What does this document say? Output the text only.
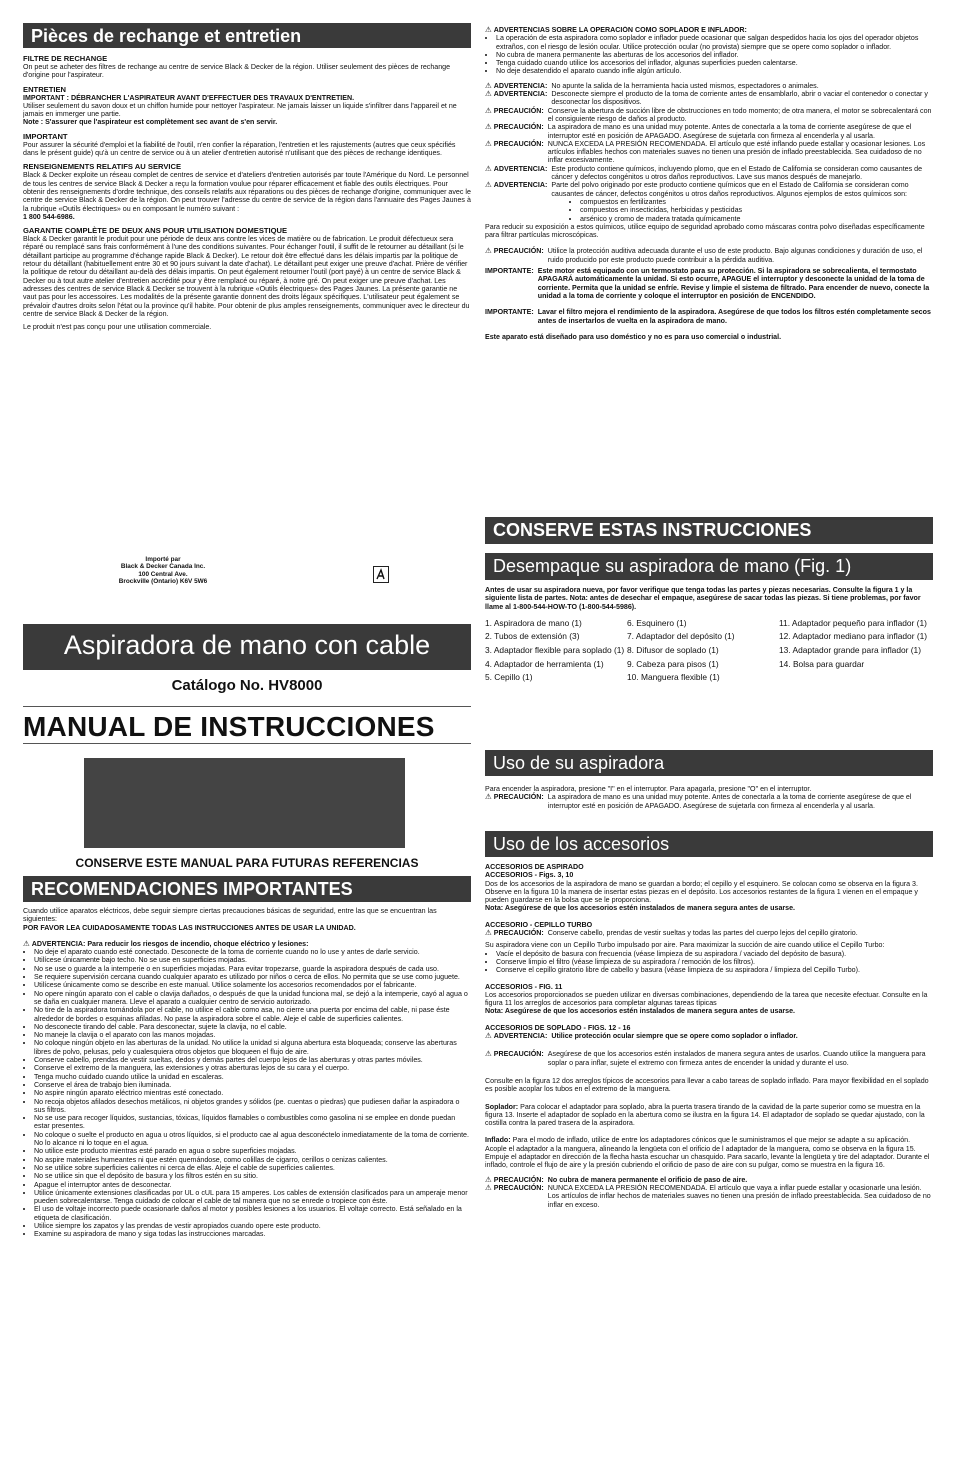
Pièces de rechange et entretien

FILTRE DE RECHANGE

On peut se acheter des filtres de rechange au centre de service Black & Decker de la région. Utiliser seulement des pièces de rechange d'origine pour l'aspirateur.

ENTRETIEN

IMPORTANT : DÉBRANCHER L'ASPIRATEUR AVANT D'EFFECTUER DES TRAVAUX D'ENTRETIEN.

Utiliser seulement du savon doux et un chiffon humide pour nettoyer l'aspirateur. Ne jamais laisser un liquide s'infiltrer dans l'appareil et ne jamais en immerger une partie.

Note : S'assurer que l'aspirateur est complètement sec avant de s'en servir.

IMPORTANT

Pour assurer la sécurité d'emploi et la fiabilité de l'outil, n'en confier la réparation, l'entretien et les rajustements (autres que ceux spécifiés dans le présent guide) qu'à un centre de service ou à un atelier d'entretien autorisé n'utilisant que des pièces de rechange identiques.

RENSEIGNEMENTS RELATIFS AU SERVICE

Black & Decker exploite un réseau complet de centres de service et d'ateliers d'entretien autorisés par toute l'Amérique du Nord. Le personnel de tous les centres de service Black & Decker a reçu la formation voulue pour réparer efficacement et fiable des outils électriques. Pour obtenir des renseignements d'ordre technique, des conseils relatifs aux réparations ou des pièces de rechange d'origine, communiquer avec le centre de service Black & Decker de la région. On peut trouver l'adresse du centre de service de la région dans l'annuaire des Pages Jaunes à la rubrique «Outils électriques» ou en composant le numéro suivant :

1 800 544-6986.

GARANTIE COMPLÈTE DE DEUX ANS POUR UTILISATION DOMESTIQUE

Black & Decker garantit le produit pour une période de deux ans contre les vices de matière ou de fabrication. Le produit défectueux sera réparé ou remplacé sans frais conformément à l'une des conditions suivantes. Pour échanger l'outil, il suffit de le retourner au détaillant (si le détaillant participe au programme d'échange rapide Black & Decker). Le retour doit être effectué dans les délais impartis par la politique de retour du détaillant (habituellement entre 30 et 90 jours suivant la date d'achat). Le détaillant peut exiger une preuve d'achat. Prière de vérifier la politique de retour du détaillant au-delà des délais impartis. On peut également retourner l'outil (port payé) à un centre de service Black & Decker ou à tout autre atelier d'entretien accrédité pour y être remplacé ou réparé, à notre gré. On peut exiger une preuve d'achat. Les adresses des centres de service Black & Decker se trouvent à la rubrique «Outils électriques» des Pages Jaunes. La présente garantie ne vaut pas pour les accessoires. Les modalités de la présente garantie donnent des droits légaux spécifiques. L'utilisateur peut également se prévaloir d'autres droits selon l'état ou la province qu'il habite. Pour obtenir de plus amples renseignements, communiquer avec le directeur du centre de service Black & Decker de la région.

Le produit n'est pas conçu pour une utilisation commerciale.

Importé par
Black & Decker Canada Inc.
100 Central Ave.
Brockville (Ontario) K6V 5W6
Aspiradora de mano con cable
Catálogo No. HV8000
MANUAL DE INSTRUCCIONES
CONSERVE ESTE MANUAL PARA FUTURAS REFERENCIAS
RECOMENDACIONES IMPORTANTES

Cuando utilice aparatos eléctricos, debe seguir siempre ciertas precauciones básicas de seguridad, entre las que se encuentran las siguientes:

POR FAVOR LEA CUIDADOSAMENTE TODAS LAS INSTRUCCIONES ANTES DE USAR LA UNIDAD.

⚠ ADVERTENCIA : Para reducir los riesgos de incendio, choque eléctrico y lesiones:
• No deje el aparato cuando esté conectado. Desconecte de la toma de corriente cuando no lo use y antes de darle servicio.
• Utilícese únicamente bajo techo. No se use en superficies mojadas.
• No se use o guarde a la intemperie o en superficies mojadas. Para evitar tropezarse, guarde la aspiradora después de cada uso.
• Se requiere supervisión cercana cuando cualquier aparato es utilizado por niños o cerca de ellos. No permita que se use como juguete.
• Utilícese únicamente como se describe en este manual. Utilice solamente los accesorios recomendados por el fabricante.
• No opere ningún aparato con el cable o clavija dañados, o después de que la unidad funciona mal, se dejó a la intemperie, cayó al agua o se daña en cualquier manera. Lleve el aparato a cualquier centro de servicio autorizado.
• No tire de la aspiradora tomándola por el cable, no utilice el cable como asa, no cierre una puerta por encima del cable, ni pase éste alrededor de bordes o esquinas afiladas. No pase la aspiradora sobre el cable. Aleje el cable de superficies calientes.
• No desconecte tirando del cable. Para desconectar, sujete la clavija, no el cable.
• No maneje la clavija o el aparato con las manos mojadas.
• No coloque ningún objeto en las aberturas de la unidad. No utilice la unidad si alguna abertura esta bloqueada; conserve las aberturas libres de polvo, pelusas, pelo y cualesquiera otros objetos que bloqueen el flujo de aire.
• Conserve cabello, prendas de vestir sueltas, dedos y demás partes del cuerpo lejos de las aberturas y otras partes móviles.
• Conserve el extremo de la manguera, las extensiones y otras aberturas lejos de su cara y el cuerpo.
• Tenga mucho cuidado cuando utilice la unidad en escaleras.
• Conserve el área de trabajo bien iluminada.
• No aspire ningún aparato eléctrico mientras esté conectado.
• No recoja objetos afilados desechos metálicos, ni objetos grandes y sólidos (pe. cuentas o piedras) que pudiesen dañar la aspiradora o sus filtros.
• No se use para recoger líquidos, sustancias, tóxicas, líquidos flamables o combustibles como gasolina ni se emplee en donde puedan estar presentes.
• No coloque o suelte el producto en agua u otros líquidos, si el producto cae al agua desconéctelo inmediatamente de la toma de corriente. No lo alcance ni lo toque en el agua.
• No utilice este producto mientras esté parado en agua o sobre superficies mojadas.
• No aspire materiales humeantes ni que estén quemándose, como colillas de cigarro, cerillos o cenizas calientes.
• No se utilice sobre superficies calientes ni cerca de ellas. Aleje el cable de superficies calientes.
• No se utilice sin que el depósito de basura y los filtros estén en su sitio.
• Apague el interruptor antes de desconectar.
• Utilice únicamente extensiones clasificadas por UL o cUL para 15 amperes. Los cables de extensión clasificados para un amperaje menor pueden sobrecalentarse. Tenga cuidado de colocar el cable de tal manera que no se enrede o tropiece con éste.
• El uso de voltaje incorrecto puede ocasionarle daños al motor y posibles lesiones a los usuarios. El voltaje correcto. Está señalado en la etiqueta de clasificación.
• Utilice siempre los zapatos y las prendas de vestir apropiados cuando opere este producto.
• Examine su aspiradora de mano y siga todas las instrucciones marcadas.
⚠ ADVERTENCIAS SOBRE LA OPERACIÓN COMO SOPLADOR E INFLADOR:
• La operación de esta aspiradora como soplador e inflador puede ocasionar que salgan despedidos hacia los ojos del operador objetos extraños, con el riesgo de lesión ocular. Utilice protección ocular (no provista) siempre que se opere como soplador o inflador.
• No cubra de manera permanente las aberturas de los accesorios del inflador.
• Tenga cuidado cuando utilice los accesorios del inflador, algunas superficies pueden calentarse.
• No deje desatendido el aparato cuando infle algún artículo.
⚠ ADVERTENCIA: No apunte la salida de la herramienta hacia usted mismos, espectadores o animales.
⚠ ADVERTENCIA: Desconecte siempre el producto de la toma de corriente antes de ensamblarlo, abrir o vaciar el contenedor o conectar y desconectar los dispositivos.
⚠ PRECAUCIÓN: Conserve la abertura de succión libre de obstrucciones en todo momento; de otra manera, el motor se sobrecalentará con el consiguiente riesgo de daños al producto.
⚠ PRECAUCIÓN: La aspiradora de mano es una unidad muy potente. Antes de conectarla a la toma de corriente asegúrese de que el interruptor esté en posición de APAGADO. Asegúrese de sujetarla con firmeza al encenderla y al usarla.
⚠ PRECAUCIÓN: NUNCA EXCEDA LA PRESIÓN RECOMENDADA. El artículo que esté inflando puede estallar y ocasionar lesiones. Los artículos inflables hechos con materiales suaves no tienen una presión de inflado preestablecida. Sea cuidadoso de no inflar excesivamente.
⚠ ADVERTENCIA: Este producto contiene químicos, incluyendo plomo, que en el Estado de California se consideran como causantes de cáncer y defectos congénitos u otros daños reproductivos. Lave sus manos después de manejarlo.
⚠ ADVERTENCIA: Parte del polvo originado por este producto contiene químicos que en el Estado de California se consideran como causantes de cáncer, defectos congénitos u otros daños reproductivos. Algunos ejemplos de estos químicos son:
• compuestos en fertilizantes
• compuestos en insecticidas, herbicidas y pesticidas
• arsénico y cromo de madera tratada químicamente

Para reducir su exposición a estos químicos, utilice equipo de seguridad aprobado como máscaras contra polvo diseñadas específicamente para filtrar partículas microscópicas.

⚠ PRECAUCIÓN: Utilice la protección auditiva adecuada durante el uso de este producto. Bajo algunas condiciones y duración de uso, el ruido producido por este producto puede contribuir a la pérdida auditiva.
IMPORTANTE: Este motor está equipado con un termostato para su protección. Si la aspiradora se sobrecalienta, el termostato APAGARÁ automáticamente la unidad. Si esto ocurre, APAGUE el interruptor y desconecte la unidad de la toma de corriente. Permita que la unidad se enfríe. Revise y limpie el sistema de filtrado. Para encender de nuevo, conecte la unidad a la toma de corriente y coloque el interruptor en posición de ENCENDIDO.
IMPORTANTE: Lavar el filtro mejora el rendimiento de la aspiradora. Asegúrese de que todos los filtros estén completamente secos antes de insertarlos de vuelta en la aspiradora de mano.

Este aparato está diseñado para uso doméstico y no es para uso comercial o industrial.

CONSERVE ESTAS INSTRUCCIONES
Desempaque su aspiradora de mano (Fig. 1)

Antes de usar su aspiradora nueva, por favor verifique que tenga todas las partes y piezas necesarias. Consulte la figura 1 y la siguiente lista de partes. Nota: antes de desechar el empaque, asegúrese de sacar todas las piezas. Si tiene problemas, por favor llame al 1-800-544-HOW-TO (1-800-544-5986).

1. Aspiradora de mano (1)	6. Esquinero (1)	11. Adaptador pequeño para inflador (1)
2. Tubos de extensión (3)	7. Adaptador del depósito (1)	12. Adaptador mediano para inflador (1)
3. Adaptador flexible para soplado (1) 8. Difusor de soplado (1)	13. Adaptador grande para inflador (1)
4. Adaptador de herramienta (1)	9. Cabeza para pisos (1)	14. Bolsa para guardar
5. Cepillo (1)	10. Manguera flexible (1)
Uso de su aspiradora

Para encender la aspiradora, presione "I" en el interruptor. Para apagarla, presione "O" en el interruptor.

⚠ PRECAUCIÓN: La aspiradora de mano es una unidad muy potente. Antes de conectarla a la toma de corriente asegúrese de que el interruptor esté en posición de APAGADO. Asegúrese de sujetarla con firmeza al encenderla y al usarla.
Uso de los accesorios

ACCESORIOS DE ASPIRADO

ACCESORIOS - Figs. 3, 10

Dos de los accesorios de la aspiradora de mano se guardan a bordo; el cepillo y el esquinero. Se colocan como se observa en la figura 3. Observe en la figura 10 la manera de insertar estas piezas en el depósito. Los accesorios restantes de la figura 1 vienen en el empaque y pueden guardarse en la bolsa que se le proporciona.

Nota: Asegúrese de que los accesorios estén instalados de manera segura antes de usarse.

ACCESORIO - CEPILLO TURBO

⚠ PRECAUCIÓN: Conserve cabello, prendas de vestir sueltas y todas las partes del cuerpo lejos del cepillo giratorio.

Su aspiradora viene con un Cepillo Turbo impulsado por aire. Para maximizar la succión de aire cuando utilice el Cepillo Turbo:

• Vacíe el depósito de basura con frecuencia (véase limpieza de su aspiradora / vaciado del depósito de basura).
• Conserve limpio el filtro (véase limpieza de su aspiradora / remoción de los filtros).
• Conserve el cepillo giratorio libre de cabello y basura (véase limpieza de su aspiradora / limpieza del Cepillo Turbo).

ACCESORIOS - FIG. 11

Los accesorios proporcionados se pueden utilizar en diversas combinaciones, dependiendo de la tarea que necesite efectuar. Consulte en la figura 11 los arreglos de accesorios para completar algunas tareas típicas

Nota: Asegúrese de que los accesorios estén instalados de manera segura antes de usarse.

ACCESORIOS DE SOPLADO - FIGS. 12 - 16

⚠ ADVERTENCIA: Utilice protección ocular siempre que se opere como soplador o inflador.
⚠ PRECAUCIÓN: Asegúrese de que los accesorios estén instalados de manera segura antes de usarlos. Cuando utilice la manguera para soplar o para inflar, sujete el extremo con firmeza antes de encender la unidad y durante el uso.

Consulte en la figura 12 dos arreglos típicos de accesorios para llevar a cabo tareas de soplado inflado. Para mayor flexibilidad en el soplado es posible acoplar los tubos en el extremo de la manguera.

Soplador: Para colocar el adaptador para soplado, abra la puerta trasera tirando de la cavidad de la parte superior como se muestra en la figura 13. Inserte el adaptador de soplado en la abertura como se ilustra en la figura 14. El adaptador de soplado se quedar ajustado, con la costilla contra la pared trasera de la aspiradora.

Inflado: Para el modo de inflado, utilice de entre los adaptadores cónicos que le suministramos el que mejor se adapte a su aplicación. Acople el adaptador a la manguera, alineando la lengüeta con el orificio de l adaptador de la manguera, como se observa en la figura 15. Empuje el adaptador en dirección de la flecha hasta escuchar un chasquido. Para sacarlo, levante la lengüeta y tire del adaptador. Durante el inflado, controle el flujo de aire y la presión cubriendo el orificio de paso de aire con su pulgar, como se muestra en la figura 16.

⚠ PRECAUCIÓN: No cubra de manera permanente el orificio de paso de aire.
⚠ PRECAUCIÓN: NUNCA EXCEDA LA PRESIÓN RECOMENDADA. El artículo que vaya a inflar puede estallar y ocasionarle una lesión. Los artículos de inflar hechos de materiales suaves no tienen una presión de inflado preestablecida. Sea cuidadoso de no inflar en exceso.
